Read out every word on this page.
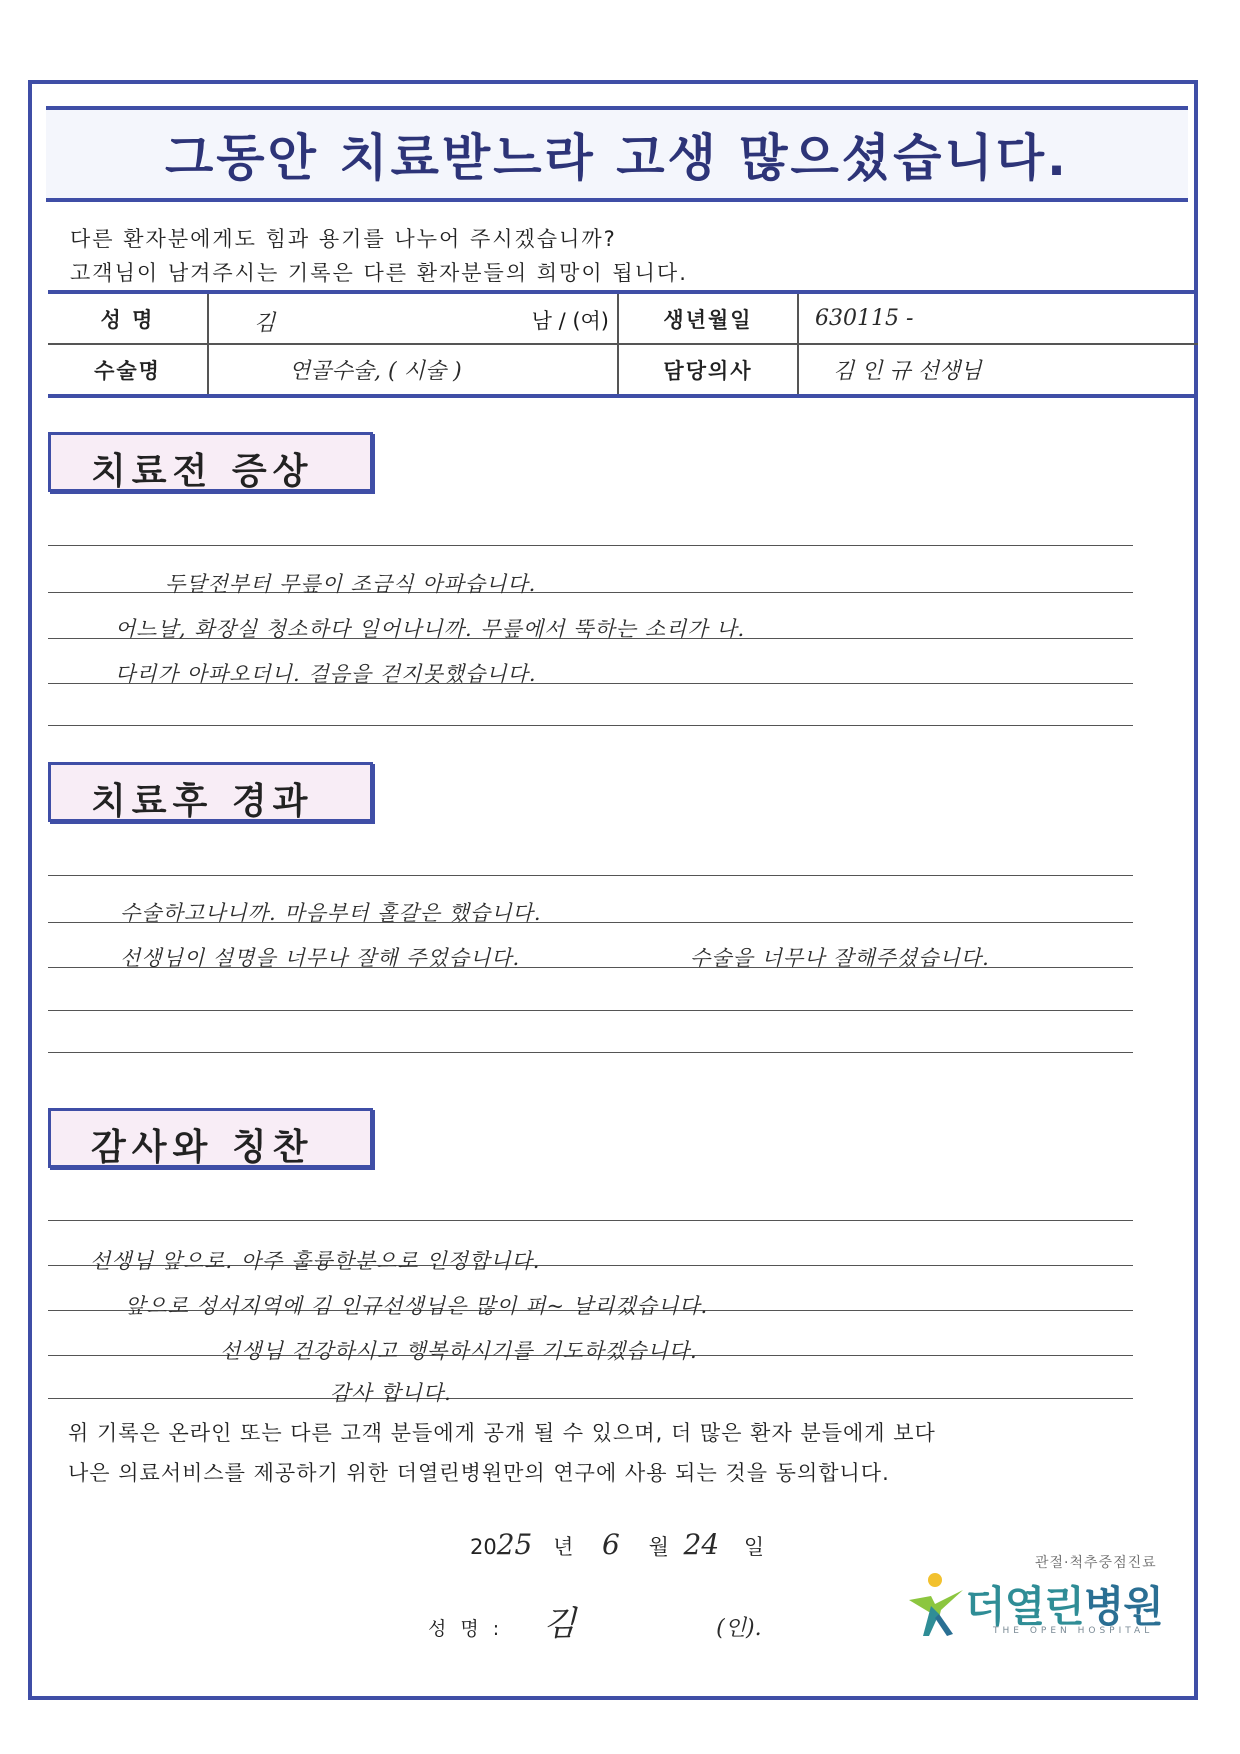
그동안 치료받느라 고생 많으셨습니다.
다른 환자분에게도 힘과 용기를 나누어 주시겠습니까?
고객님이 남겨주시는 기록은 다른 환자분들의 희망이 됩니다.
성 명	김 남 / (여)	생년월일	630115 -
수술명	연골수술, ( 시술 )	담당의사	김 인 규 선생님
치료전 증상
두달전부터 무릎이 조금식 아파습니다.
어느날, 화장실 청소하다 일어나니까. 무릎에서 뚝하는 소리가 나.
다리가 아파오더니. 걸음을 걷지못했습니다.
치료후 경과
수술하고나니까. 마음부터 홀갈은 했습니다.
선생님이 설명을 너무나 잘해 주었습니다.	수술을 너무나 잘해주셨습니다.
감사와 칭찬
선생님 앞으로. 아주 훌륭한분으로 인정합니다.
앞으로 성서지역에 김 인규선생님은 많이 퍼~ 날리겠습니다.
선생님 건강하시고 행복하시기를 기도하겠습니다.
감사 합니다.
위 기록은 온라인 또는 다른 고객 분들에게 공개 될 수 있으며, 더 많은 환자 분들에게 보다
나은 의료서비스를 제공하기 위한 더열린병원만의 연구에 사용 되는 것을 동의합니다.
2025 년 6 월 24 일
성 명 : 김	(인).
관절·척추중점진료
더열린병원
THE OPEN HOSPITAL
